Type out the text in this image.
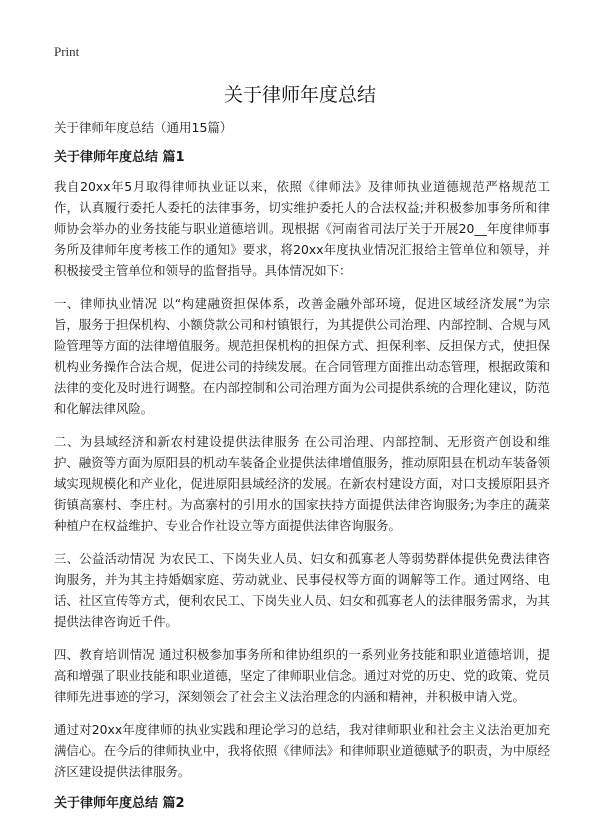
Print
关于律师年度总结

关于律师年度总结（通用15篇）

关于律师年度总结 篇1

我自20xx年5月取得律师执业证以来，依照《律师法》及律师执业道德规范严格规范工作，认真履行委托人委托的法律事务，切实维护委托人的合法权益;并积极参加事务所和律师协会举办的业务技能与职业道德培训。现根据《河南省司法厅关于开展20__年度律师事务所及律师年度考核工作的通知》要求，将20xx年度执业情况汇报给主管单位和领导，并积极接受主管单位和领导的监督指导。具体情况如下：

一、律师执业情况 以“构建融资担保体系，改善金融外部环境，促进区域经济发展”为宗旨，服务于担保机构、小额贷款公司和村镇银行，为其提供公司治理、内部控制、合规与风险管理等方面的法律增值服务。规范担保机构的担保方式、担保利率、反担保方式，使担保机构业务操作合法合规，促进公司的持续发展。在合同管理方面推出动态管理，根据政策和法律的变化及时进行调整。在内部控制和公司治理方面为公司提供系统的合理化建议，防范和化解法律风险。

二、为县域经济和新农村建设提供法律服务 在公司治理、内部控制、无形资产创设和维护、融资等方面为原阳县的机动车装备企业提供法律增值服务，推动原阳县在机动车装备领域实现规模化和产业化，促进原阳县域经济的发展。在新农村建设方面，对口支援原阳县齐街镇高寨村、李庄村。为高寨村的引用水的国家扶持方面提供法律咨询服务;为李庄的蔬菜种植户在权益维护、专业合作社设立等方面提供法律咨询服务。

三、公益活动情况 为农民工、下岗失业人员、妇女和孤寡老人等弱势群体提供免费法律咨询服务，并为其主持婚姻家庭、劳动就业、民事侵权等方面的调解等工作。通过网络、电话、社区宣传等方式，便利农民工、下岗失业人员、妇女和孤寡老人的法律服务需求，为其提供法律咨询近千件。

四、教育培训情况 通过积极参加事务所和律协组织的一系列业务技能和职业道德培训，提高和增强了职业技能和职业道德，坚定了律师职业信念。通过对党的历史、党的政策、党员律师先进事迹的学习，深刻领会了社会主义法治理念的内涵和精神，并积极申请入党。

通过对20xx年度律师的执业实践和理论学习的总结，我对律师职业和社会主义法治更加充满信心。在今后的律师执业中，我将依照《律师法》和律师职业道德赋予的职责，为中原经济区建设提供法律服务。

关于律师年度总结 篇2
